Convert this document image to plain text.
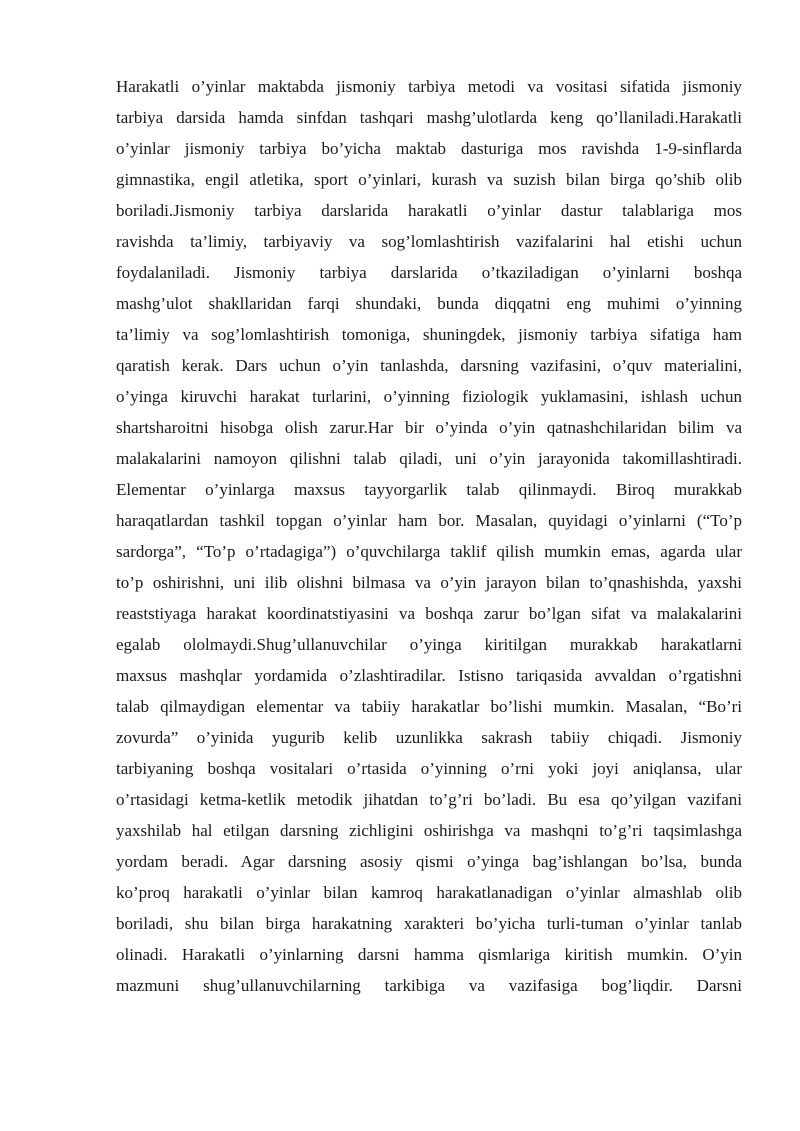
Harakatli o’yinlar maktabda jismoniy tarbiya metodi va vositasi sifatida jismoniy
tarbiya darsida hamda sinfdan tashqari mashg’ulotlarda keng qo’llaniladi.Harakatli
o’yinlar jismoniy tarbiya bo’yicha maktab dasturiga mos ravishda 1-9-sinflarda
gimnastika, engil atletika, sport o’yinlari, kurash va suzish bilan birga qo’shib olib
boriladi.Jismoniy tarbiya darslarida harakatli o’yinlar dastur talablariga mos
ravishda ta’limiy, tarbiyaviy va sog’lomlashtirish vazifalarini hal etishi uchun
foydalaniladi. Jismoniy tarbiya darslarida o’tkaziladigan o’yinlarni boshqa
mashg’ulot shakllaridan farqi shundaki, bunda diqqatni eng muhimi o’yinning
ta’limiy va sog’lomlashtirish tomoniga, shuningdek, jismoniy tarbiya sifatiga ham
qaratish kerak. Dars uchun o’yin tanlashda, darsning vazifasini, o’quv materialini,
o’yinga kiruvchi harakat turlarini, o’yinning fiziologik yuklamasini, ishlash uchun
shartsharoitni hisobga olish zarur.Har bir o’yinda o’yin qatnashchilaridan bilim va
malakalarini namoyon qilishni talab qiladi, uni o’yin jarayonida takomillashtiradi.
Elementar o’yinlarga maxsus tayyorgarlik talab qilinmaydi. Biroq murakkab
haraqatlardan tashkil topgan o’yinlar ham bor. Masalan, quyidagi o’yinlarni (“To’p
sardorga”, “To’p o’rtadagiga”) o’quvchilarga taklif qilish mumkin emas, agarda ular
to’p oshirishni, uni ilib olishni bilmasa va o’yin jarayon bilan to’qnashishda, yaxshi
reaststiyaga harakat koordinatstiyasini va boshqa zarur bo’lgan sifat va malakalarini
egalab ololmaydi.Shug’ullanuvchilar o’yinga kiritilgan murakkab harakatlarni
maxsus mashqlar yordamida o’zlashtiradilar. Istisno tariqasida avvaldan o’rgatishni
talab qilmaydigan elementar va tabiiy harakatlar bo’lishi mumkin. Masalan, “Bo’ri
zovurda” o’yinida yugurib kelib uzunlikka sakrash tabiiy chiqadi. Jismoniy
tarbiyaning boshqa vositalari o’rtasida o’yinning o’rni yoki joyi aniqlansa, ular
o’rtasidagi ketma-ketlik metodik jihatdan to’g’ri bo’ladi. Bu esa qo’yilgan vazifani
yaxshilab hal etilgan darsning zichligini oshirishga va mashqni to’g’ri taqsimlashga
yordam beradi. Agar darsning asosiy qismi o’yinga bag’ishlangan bo’lsa, bunda
ko’proq harakatli o’yinlar bilan kamroq harakatlanadigan o’yinlar almashlab olib
boriladi, shu bilan birga harakatning xarakteri bo’yicha turli-tuman o’yinlar tanlab
olinadi. Harakatli o’yinlarning darsni hamma qismlariga kiritish mumkin. O’yin
mazmuni shug’ullanuvchilarning tarkibiga va vazifasiga bog’liqdir. Darsni
